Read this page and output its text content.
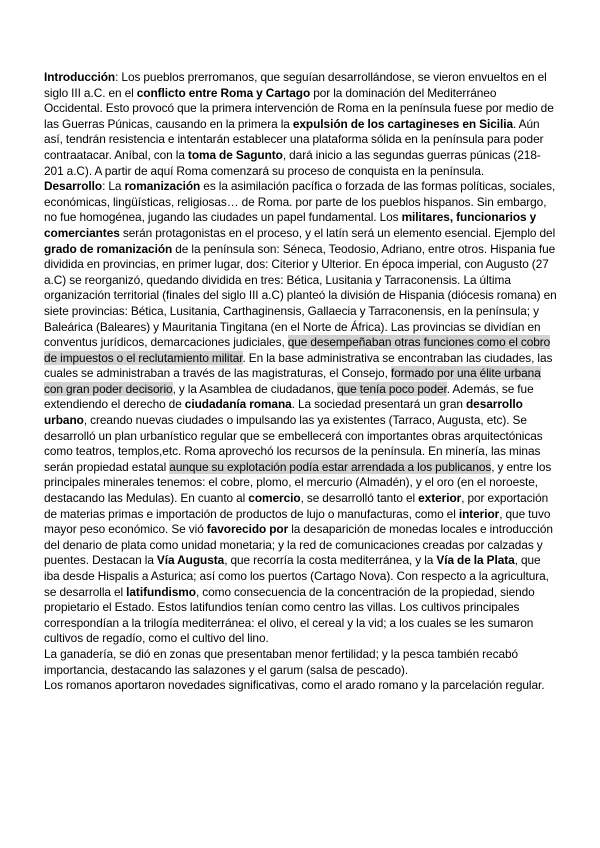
Introducción: Los pueblos prerromanos, que seguían desarrollándose, se vieron envueltos en el siglo III a.C. en el conflicto entre Roma y Cartago por la dominación del Mediterráneo Occidental. Esto provocó que la primera intervención de Roma en la península fuese por medio de las Guerras Púnicas, causando en la primera la expulsión de los cartagineses en Sicilia. Aún así, tendrán resistencia e intentarán establecer una plataforma sólida en la península para poder contraatacar. Aníbal, con la toma de Sagunto, dará inicio a las segundas guerras púnicas (218-201 a.C). A partir de aquí Roma comenzará su proceso de conquista en la península.

Desarrollo: La romanización es la asimilación pacífica o forzada de las formas políticas, sociales, económicas, lingüísticas, religiosas… de Roma. por parte de los pueblos hispanos. Sin embargo, no fue homogénea, jugando las ciudades un papel fundamental. Los militares, funcionarios y comerciantes serán protagonistas en el proceso, y el latín será un elemento esencial. Ejemplo del grado de romanización de la península son: Séneca, Teodosio, Adriano, entre otros. Hispania fue dividida en provincias, en primer lugar, dos: Citerior y Ulterior. En época imperial, con Augusto (27 a.C) se reorganizó, quedando dividida en tres: Bética, Lusitania y Tarraconensis. La última organización territorial (finales del siglo III a.C) planteó la división de Hispania (diócesis romana) en siete provincias: Bética, Lusitania, Carthaginensis, Gallaecia y Tarraconensis, en la península; y Baleárica (Baleares) y Mauritania Tingitana (en el Norte de África). Las provincias se dividían en conventus jurídicos, demarcaciones judiciales, que desempeñaban otras funciones como el cobro de impuestos o el reclutamiento militar. En la base administrativa se encontraban las ciudades, las cuales se administraban a través de las magistraturas, el Consejo, formado por una élite urbana con gran poder decisorio, y la Asamblea de ciudadanos, que tenía poco poder. Además, se fue extendiendo el derecho de ciudadanía romana. La sociedad presentará un gran desarrollo urbano, creando nuevas ciudades o impulsando las ya existentes (Tarraco, Augusta, etc). Se desarrolló un plan urbanístico regular que se embellecerá con importantes obras arquitectónicas como teatros, templos,etc. Roma aprovechó los recursos de la península. En minería, las minas serán propiedad estatal aunque su explotación podía estar arrendada a los publicanos, y entre los principales minerales tenemos: el cobre, plomo, el mercurio (Almadén), y el oro (en el noroeste, destacando las Medulas). En cuanto al comercio, se desarrolló tanto el exterior, por exportación de materias primas e importación de productos de lujo o manufacturas, como el interior, que tuvo mayor peso económico. Se vió favorecido por la desaparición de monedas locales e introducción del denario de plata como unidad monetaria; y la red de comunicaciones creadas por calzadas y puentes. Destacan la Vía Augusta, que recorría la costa mediterránea, y la Vía de la Plata, que iba desde Hispalis a Asturica; así como los puertos (Cartago Nova). Con respecto a la agricultura, se desarrolla el latifundismo, como consecuencia de la concentración de la propiedad, siendo propietario el Estado. Estos latifundios tenían como centro las villas. Los cultivos principales correspondían a la trilogía mediterránea: el olivo, el cereal y la vid; a los cuales se les sumaron cultivos de regadío, como el cultivo del lino.

La ganadería, se dió en zonas que presentaban menor fertilidad; y la pesca también recabó importancia, destacando las salazones y el garum (salsa de pescado).

Los romanos aportaron novedades significativas, como el arado romano y la parcelación regular.
